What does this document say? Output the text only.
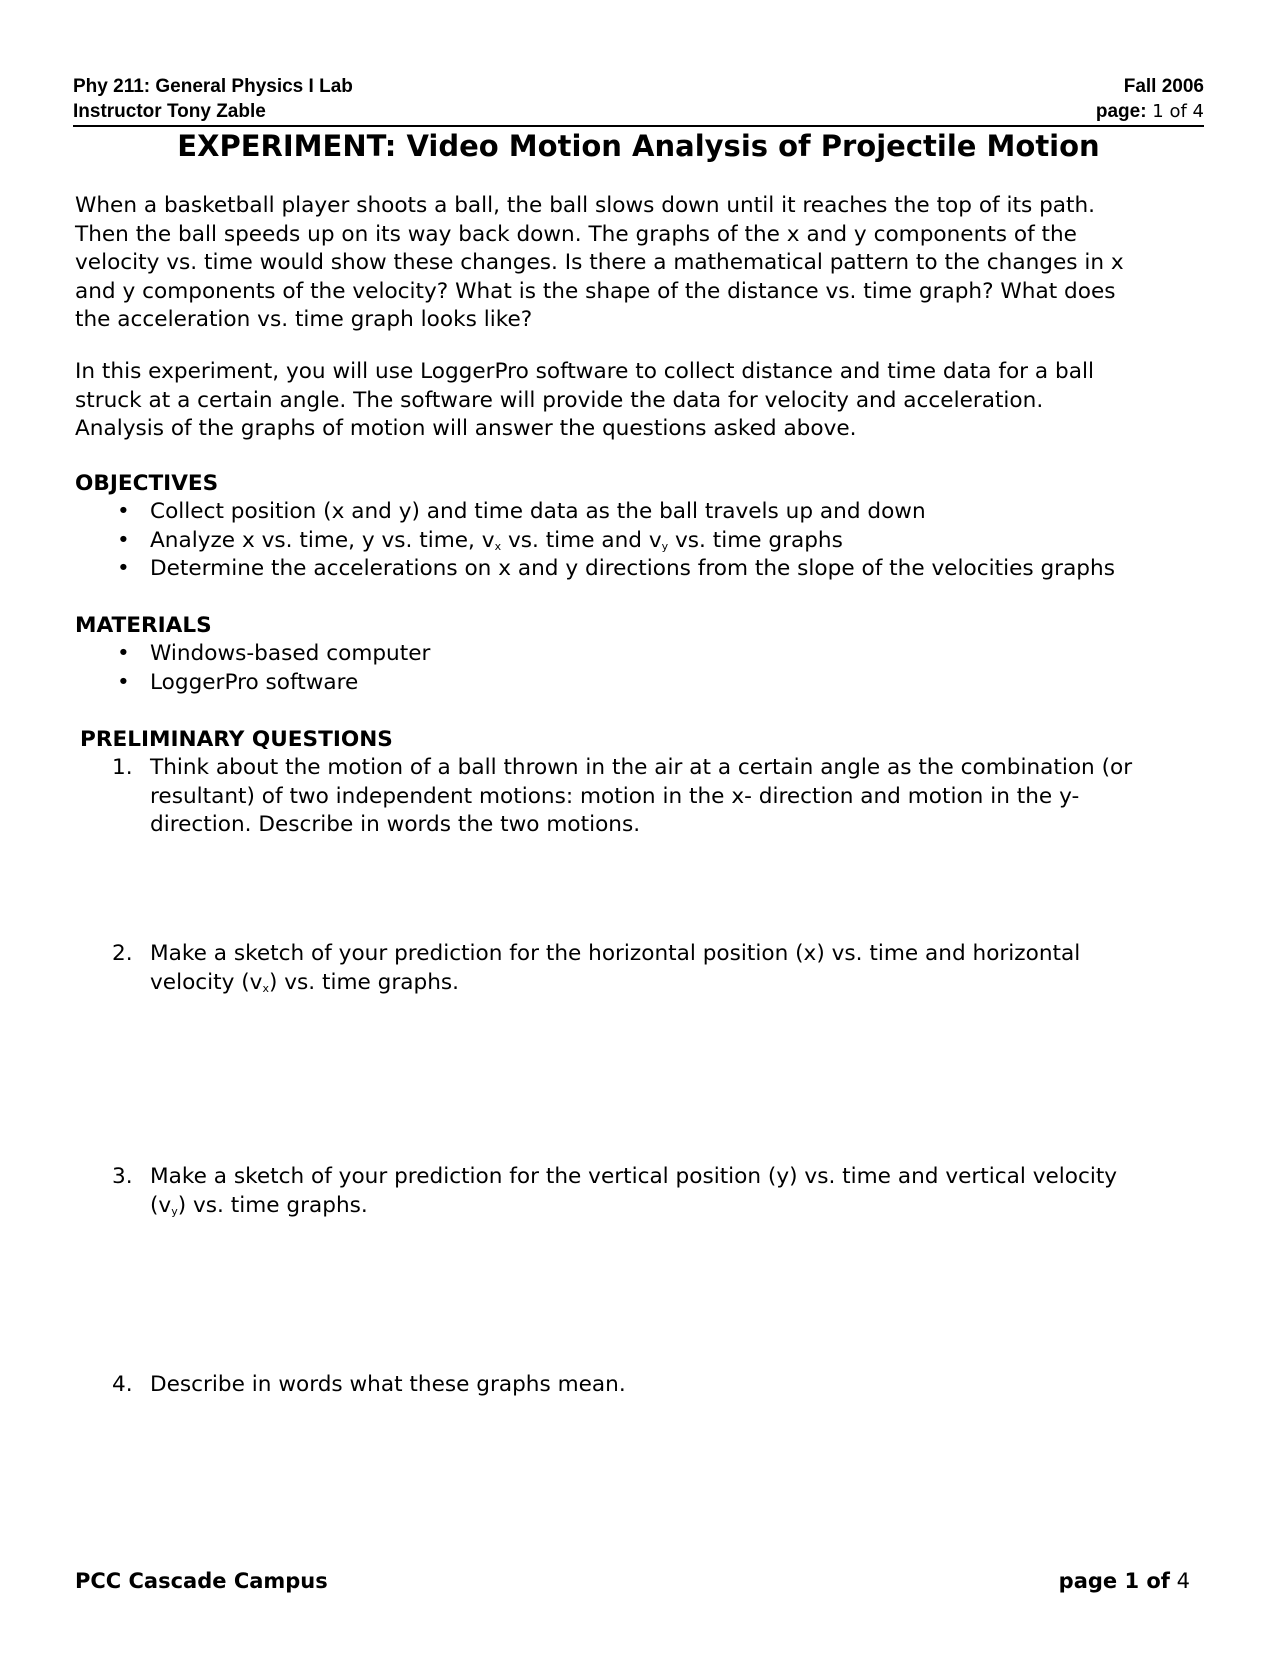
Phy 211: General Physics I Lab	Fall 2006
Instructor Tony Zable	page: 1 of 4
EXPERIMENT: Video Motion Analysis of Projectile Motion
When a basketball player shoots a ball, the ball slows down until it reaches the top of its path.
Then the ball speeds up on its way back down. The graphs of the x and y components of the
velocity vs. time would show these changes. Is there a mathematical pattern to the changes in x
and y components of the velocity? What is the shape of the distance vs. time graph? What does
the acceleration vs. time graph looks like?
In this experiment, you will use LoggerPro software to collect distance and time data for a ball
struck at a certain angle. The software will provide the data for velocity and acceleration.
Analysis of the graphs of motion will answer the questions asked above.
OBJECTIVES
• Collect position (x and y) and time data as the ball travels up and down
• Analyze x vs. time, y vs. time, $v_x$ vs. time and $v_y$ vs. time graphs
• Determine the accelerations on x and y directions from the slope of the velocities graphs
MATERIALS
• Windows-based computer
• LoggerPro software
PRELIMINARY QUESTIONS
1. Think about the motion of a ball thrown in the air at a certain angle as the combination (or
resultant) of two independent motions: motion in the x- direction and motion in the y-
direction. Describe in words the two motions.
2. Make a sketch of your prediction for the horizontal position (x) vs. time and horizontal
velocity $(v_x)$ vs. time graphs.
3. Make a sketch of your prediction for the vertical position (y) vs. time and vertical velocity
$(v_y)$ vs. time graphs.
4. Describe in words what these graphs mean.
PCC Cascade Campus	page 1 of 4
